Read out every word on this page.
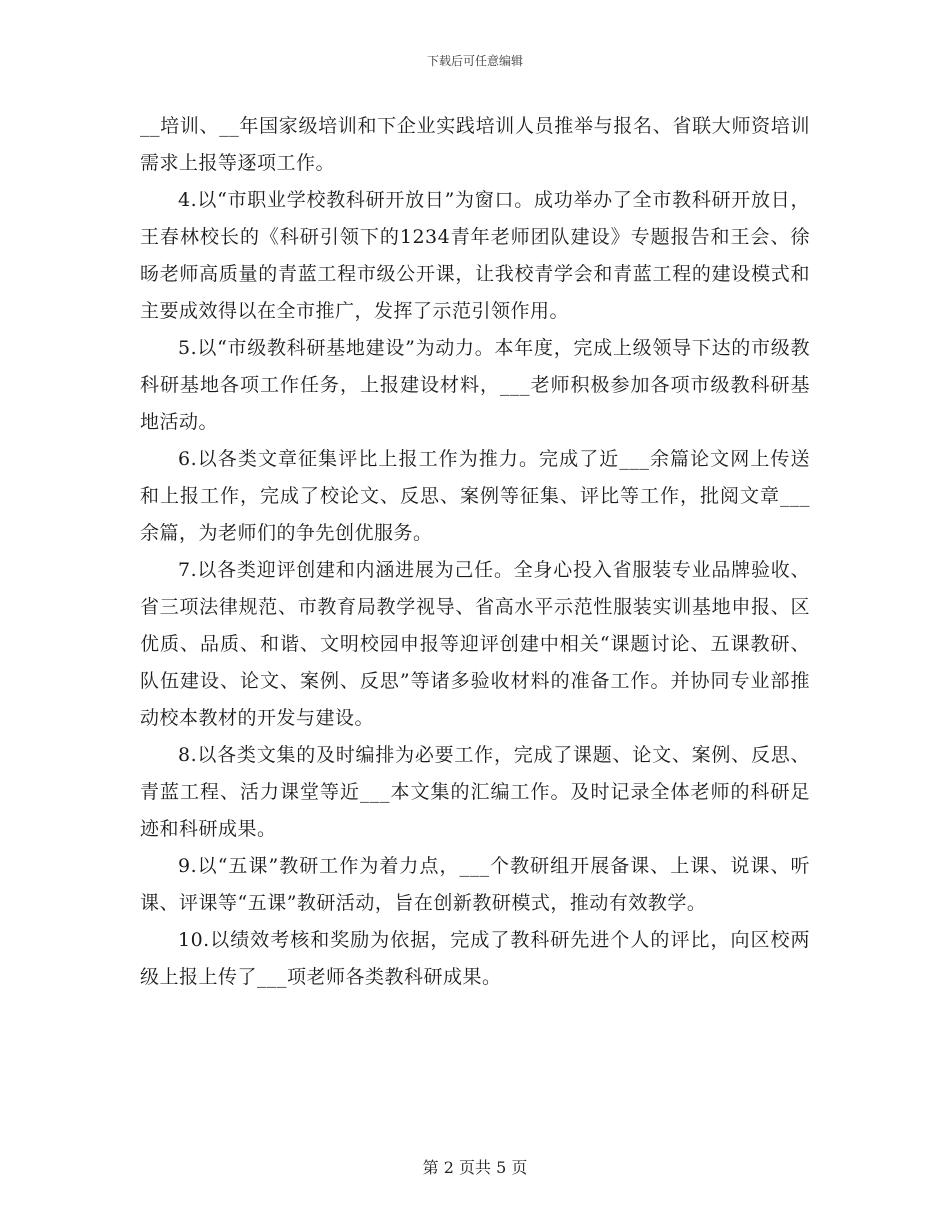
下载后可任意编辑

__培训、__年国家级培训和下企业实践培训人员推举与报名、省联大师资培训需求上报等逐项工作。

4.以“市职业学校教科研开放日”为窗口。成功举办了全市教科研开放日，王春林校长的《科研引领下的1234青年老师团队建设》专题报告和王会、徐旸老师高质量的青蓝工程市级公开课，让我校青学会和青蓝工程的建设模式和主要成效得以在全市推广，发挥了示范引领作用。

5.以“市级教科研基地建设”为动力。本年度，完成上级领导下达的市级教科研基地各项工作任务，上报建设材料，___老师积极参加各项市级教科研基地活动。

6.以各类文章征集评比上报工作为推力。完成了近___余篇论文网上传送和上报工作，完成了校论文、反思、案例等征集、评比等工作，批阅文章___余篇，为老师们的争先创优服务。

7.以各类迎评创建和内涵进展为己任。全身心投入省服装专业品牌验收、省三项法律规范、市教育局教学视导、省高水平示范性服装实训基地申报、区优质、品质、和谐、文明校园申报等迎评创建中相关“课题讨论、五课教研、队伍建设、论文、案例、反思”等诸多验收材料的准备工作。并协同专业部推动校本教材的开发与建设。

8.以各类文集的及时编排为必要工作，完成了课题、论文、案例、反思、青蓝工程、活力课堂等近___本文集的汇编工作。及时记录全体老师的科研足迹和科研成果。

9.以“五课”教研工作为着力点，___个教研组开展备课、上课、说课、听课、评课等“五课”教研活动，旨在创新教研模式，推动有效教学。

10.以绩效考核和奖励为依据，完成了教科研先进个人的评比，向区校两级上报上传了___项老师各类教科研成果。

第 2 页共 5 页
